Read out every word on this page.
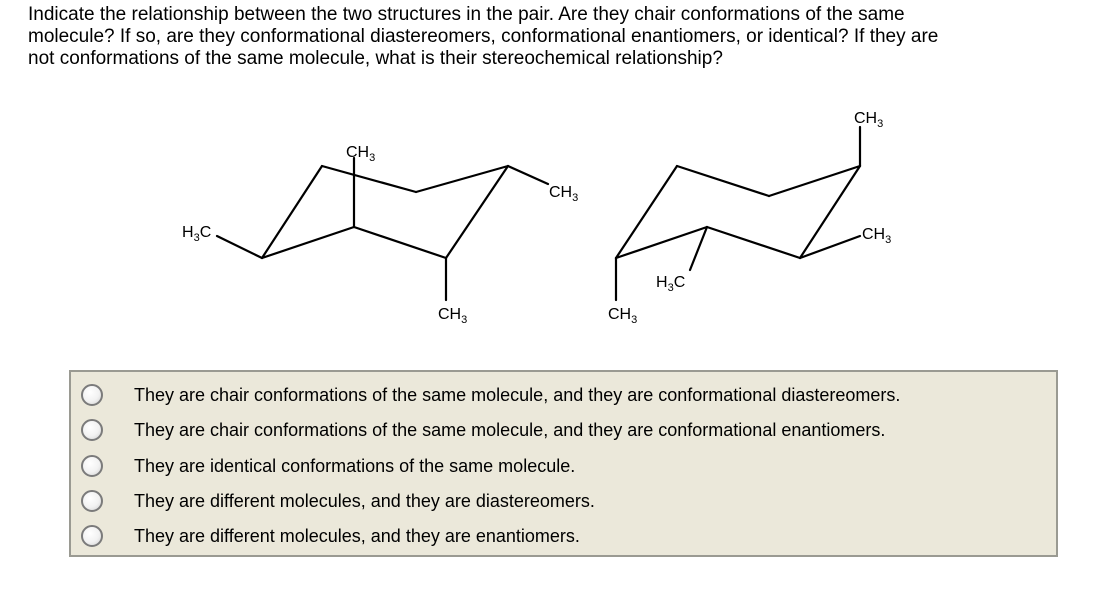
Indicate the relationship between the two structures in the pair. Are they chair conformations of the same
molecule? If so, are they conformational diastereomers, conformational enantiomers, or identical? If they are
not conformations of the same molecule, what is their stereochemical relationship?
$CH_3$
$CH_3$
$H_3C$
$CH_3$
$CH_3$
$CH_3$
$H_3C$
$CH_3$
They are chair conformations of the same molecule, and they are conformational diastereomers.
They are chair conformations of the same molecule, and they are conformational enantiomers.
They are identical conformations of the same molecule.
They are different molecules, and they are diastereomers.
They are different molecules, and they are enantiomers.
